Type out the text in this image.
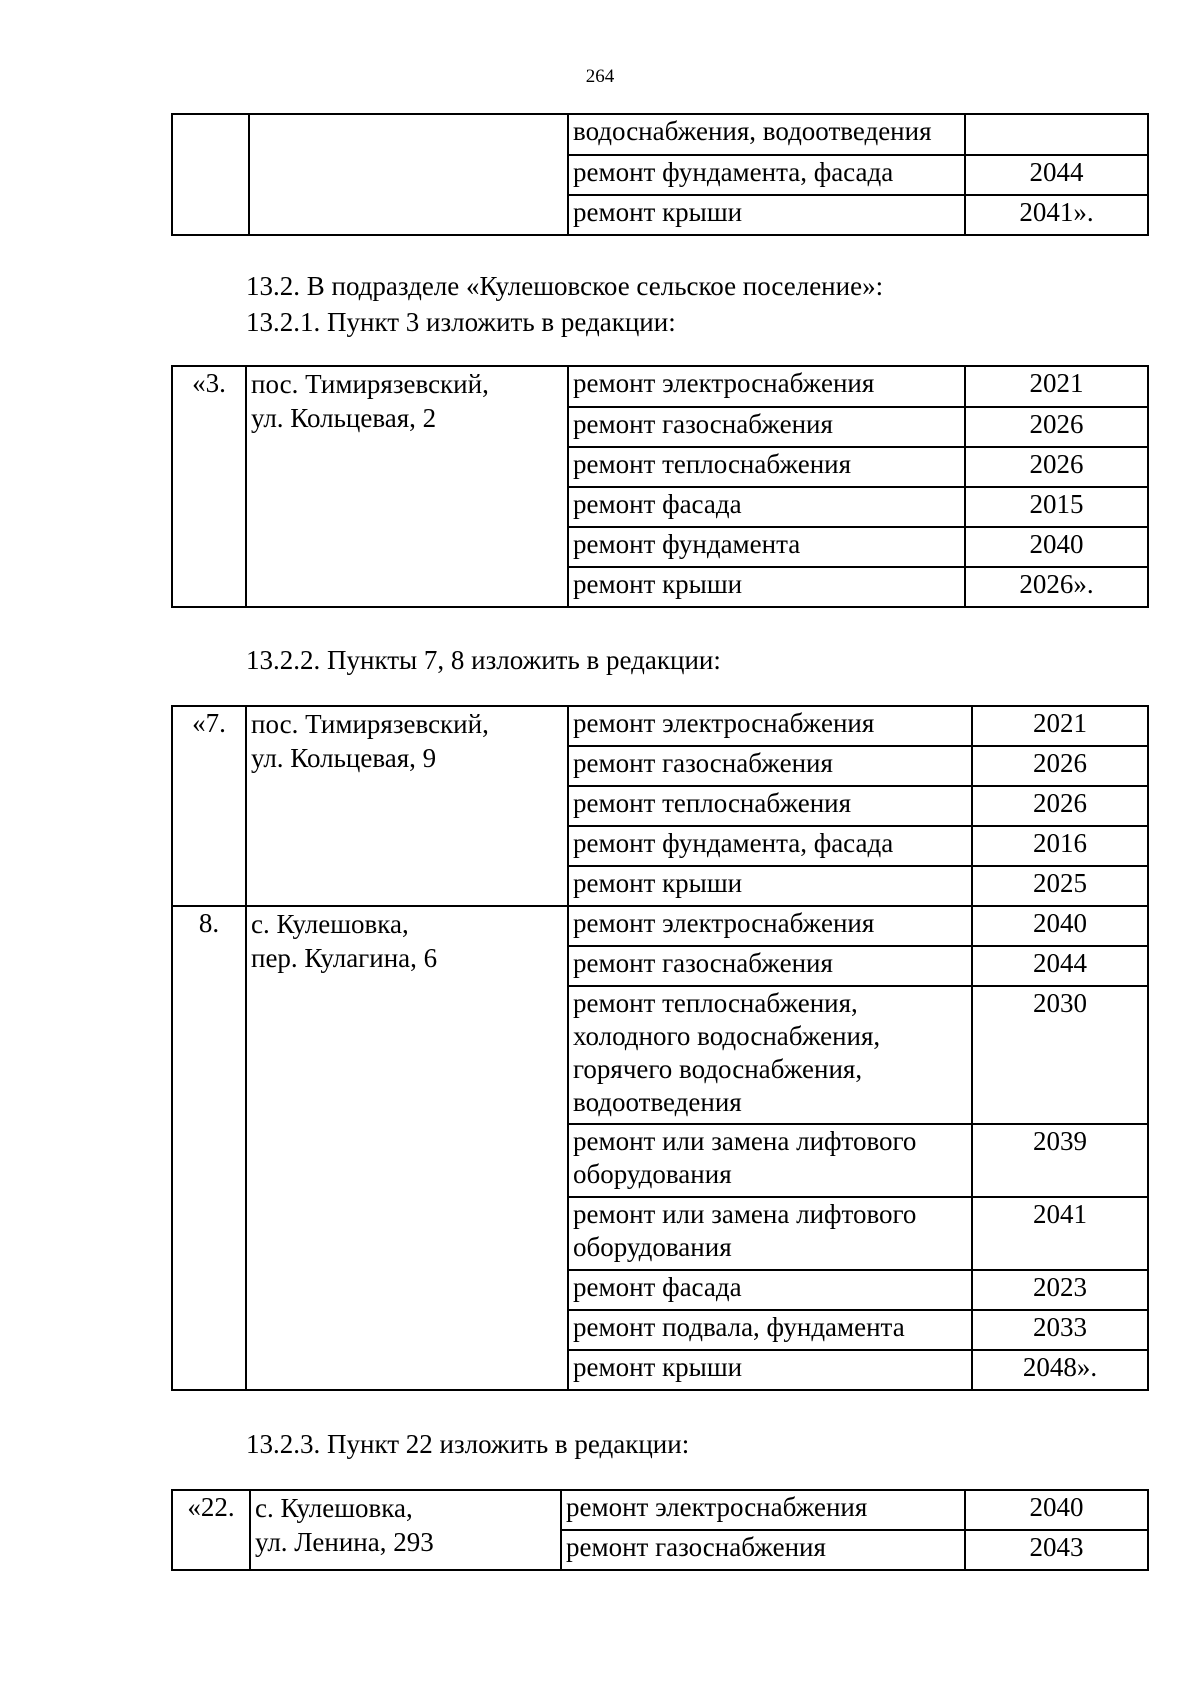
264
		водоснабжения, водоотведения	
		ремонт фундамента, фасада	2044
		ремонт крыши	2041».
13.2. В подразделе «Кулешовское сельское поселение»:
13.2.1. Пункт 3 изложить в редакции:
«3.	пос. Тимирязевский,
ул. Кольцевая, 2	ремонт электроснабжения	2021
		ремонт газоснабжения	2026
		ремонт теплоснабжения	2026
		ремонт фасада	2015
		ремонт фундамента	2040
		ремонт крыши	2026».
13.2.2. Пункты 7, 8 изложить в редакции:
«7.	пос. Тимирязевский,
ул. Кольцевая, 9	ремонт электроснабжения	2021
		ремонт газоснабжения	2026
		ремонт теплоснабжения	2026
		ремонт фундамента, фасада	2016
		ремонт крыши	2025
8.	с. Кулешовка,
пер. Кулагина, 6	ремонт электроснабжения	2040
		ремонт газоснабжения	2044
		ремонт теплоснабжения,
холодного водоснабжения,
горячего водоснабжения,
водоотведения	2030
		ремонт или замена лифтового
оборудования	2039
		ремонт или замена лифтового
оборудования	2041
		ремонт фасада	2023
		ремонт подвала, фундамента	2033
		ремонт крыши	2048».
13.2.3. Пункт 22 изложить в редакции:
«22.	с. Кулешовка,
ул. Ленина, 293	ремонт электроснабжения	2040
		ремонт газоснабжения	2043
